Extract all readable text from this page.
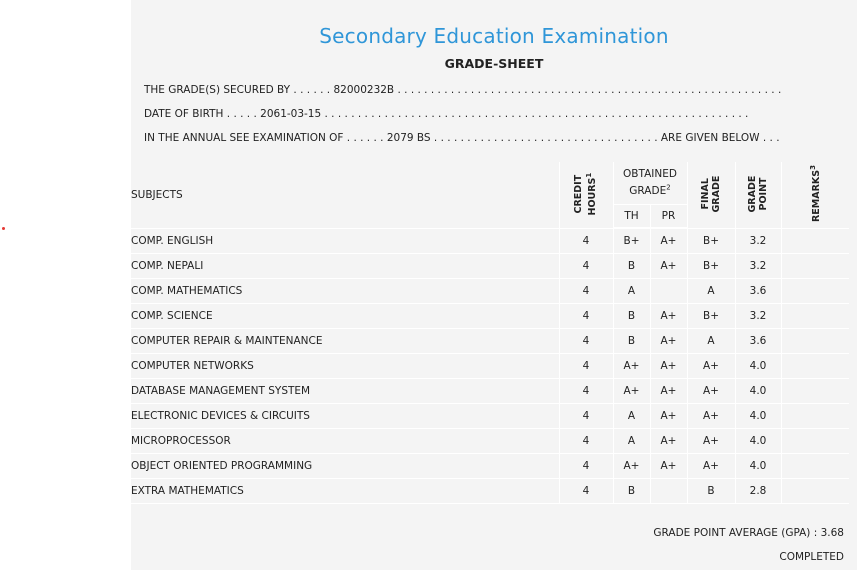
Secondary Education Examination
GRADE-SHEET
THE GRADE(S) SECURED BY . . . . . . 82000232B . . . . . . . . . . . . . . . . . . . . . . . . . . . . . . . . . . . . . . . . . . . . . . . . . . . . . . . . . .
DATE OF BIRTH . . . . . 2061-03-15 . . . . . . . . . . . . . . . . . . . . . . . . . . . . . . . . . . . . . . . . . . . . . . . . . . . . . . . . . . . . . . . .
IN THE ANNUAL SEE EXAMINATION OF . . . . . . 2079 BS . . . . . . . . . . . . . . . . . . . . . . . . . . . . . . . . . . ARE GIVEN BELOW . . .
SUBJECTS	CREDIT HOURS$^1$	OBTAINED GRADE$^2$		FINAL GRADE	GRADE POINT	REMARKS$^3$
		TH	PR			
COMP. ENGLISH	4	B+	A+	B+	3.2	
COMP. NEPALI	4	B	A+	B+	3.2	
COMP. MATHEMATICS	4	A		A	3.6	
COMP. SCIENCE	4	B	A+	B+	3.2	
COMPUTER REPAIR & MAINTENANCE	4	B	A+	A	3.6	
COMPUTER NETWORKS	4	A+	A+	A+	4.0	
DATABASE MANAGEMENT SYSTEM	4	A+	A+	A+	4.0	
ELECTRONIC DEVICES & CIRCUITS	4	A	A+	A+	4.0	
MICROPROCESSOR	4	A	A+	A+	4.0	
OBJECT ORIENTED PROGRAMMING	4	A+	A+	A+	4.0	
EXTRA MATHEMATICS	4	B		B	2.8	
GRADE POINT AVERAGE (GPA) : 3.68
COMPLETED
